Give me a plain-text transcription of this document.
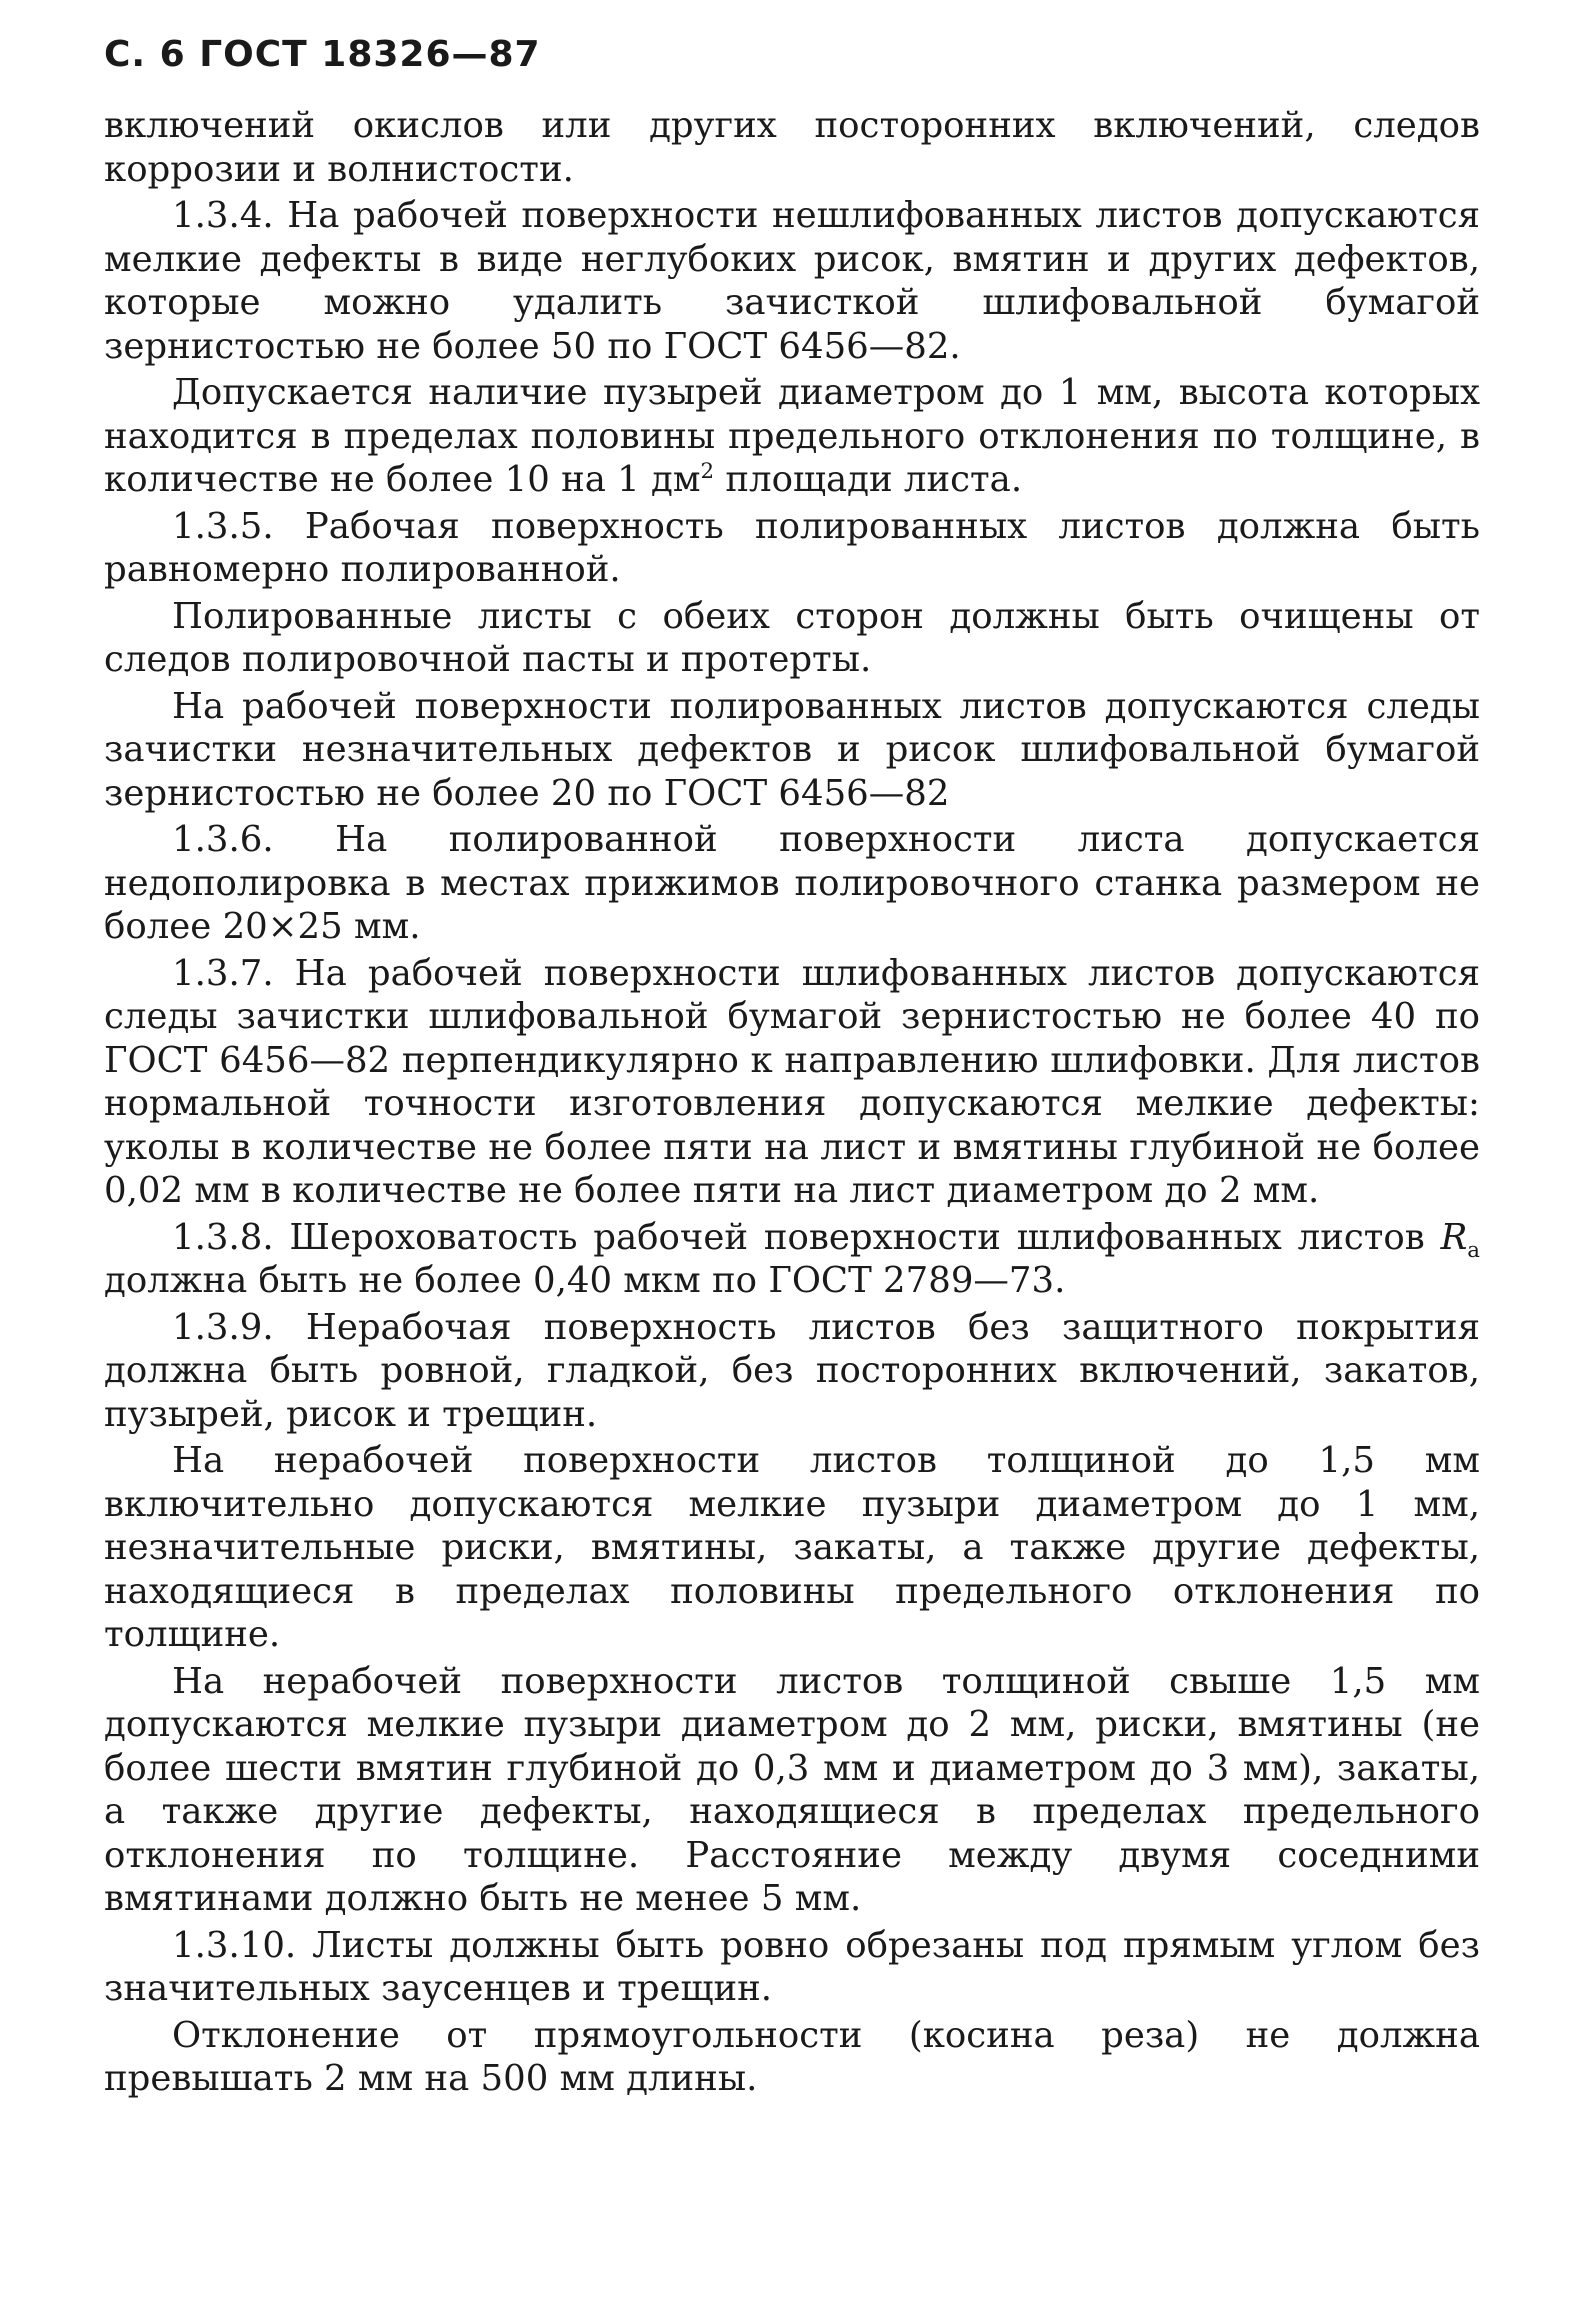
С. 6 ГОСТ 18326—87

включений окислов или других посторонних включений, следов коррозии и волнистости.

1.3.4. На рабочей поверхности нешлифованных листов допускаются мелкие дефекты в виде неглубоких рисок, вмятин и других дефектов, которые можно удалить зачисткой шлифовальной бумагой зернистостью не более 50 по ГОСТ 6456—82.

Допускается наличие пузырей диаметром до 1 мм, высота которых находится в пределах половины предельного отклонения по толщине, в количестве не более 10 на 1 $дм^2$ площади листа.

1.3.5. Рабочая поверхность полированных листов должна быть равномерно полированной.

Полированные листы с обеих сторон должны быть очищены от следов полировочной пасты и протерты.

На рабочей поверхности полированных листов допускаются следы зачистки незначительных дефектов и рисок шлифовальной бумагой зернистостью не более 20 по ГОСТ 6456—82

1.3.6. На полированной поверхности листа допускается недополировка в местах прижимов полировочного станка размером не более 20×25 мм.

1.3.7. На рабочей поверхности шлифованных листов допускаются следы зачистки шлифовальной бумагой зернистостью не более 40 по ГОСТ 6456—82 перпендикулярно к направлению шлифовки. Для листов нормальной точности изготовления допускаются мелкие дефекты: уколы в количестве не более пяти на лист и вмятины глубиной не более 0,02 мм в количестве не более пяти на лист диаметром до 2 мм.

1.3.8. Шероховатость рабочей поверхности шлифованных листов $R_a$ должна быть не более 0,40 мкм по ГОСТ 2789—73.

1.3.9. Нерабочая поверхность листов без защитного покрытия должна быть ровной, гладкой, без посторонних включений, закатов, пузырей, рисок и трещин.

На нерабочей поверхности листов толщиной до 1,5 мм включительно допускаются мелкие пузыри диаметром до 1 мм, незначительные риски, вмятины, закаты, а также другие дефекты, находящиеся в пределах половины предельного отклонения по толщине.

На нерабочей поверхности листов толщиной свыше 1,5 мм допускаются мелкие пузыри диаметром до 2 мм, риски, вмятины (не более шести вмятин глубиной до 0,3 мм и диаметром до 3 мм), закаты, а также другие дефекты, находящиеся в пределах предельного отклонения по толщине. Расстояние между двумя соседними вмятинами должно быть не менее 5 мм.

1.3.10. Листы должны быть ровно обрезаны под прямым углом без значительных заусенцев и трещин.

Отклонение от прямоугольности (косина реза) не должна превышать 2 мм на 500 мм длины.
